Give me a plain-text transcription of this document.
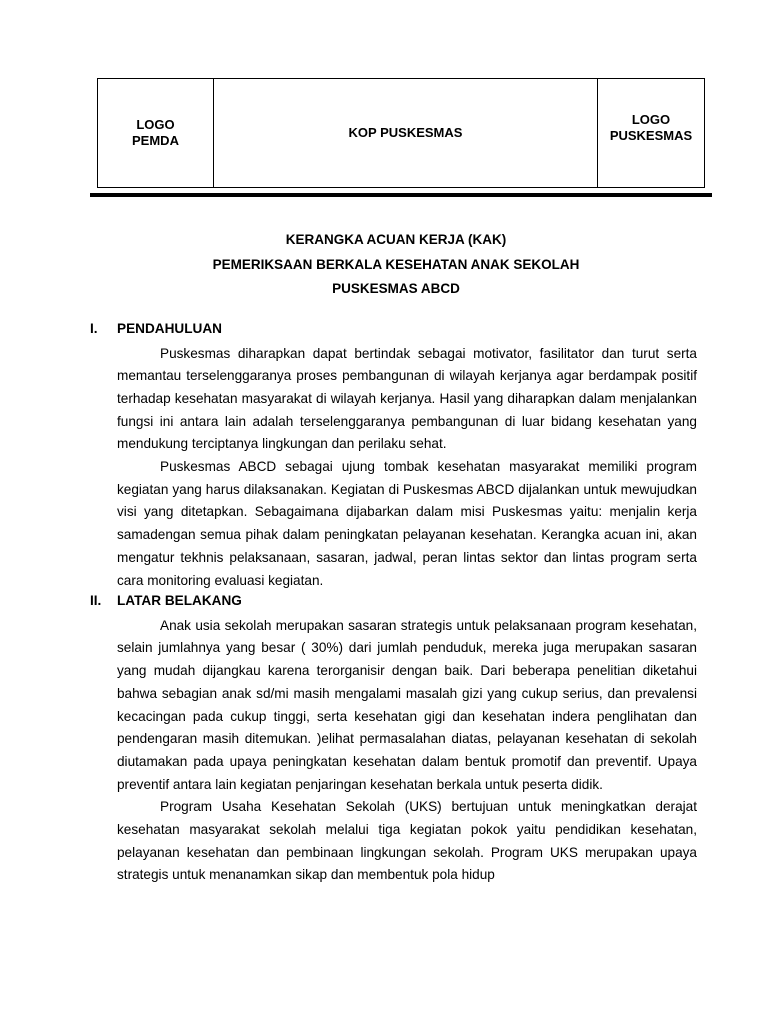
LOGO
PEMDA
KOP PUSKESMAS
LOGO
PUSKESMAS
KERANGKA ACUAN KERJA (KAK)
PEMERIKSAAN BERKALA KESEHATAN ANAK SEKOLAH
PUSKESMAS ABCD
I. PENDAHULUAN

Puskesmas diharapkan dapat bertindak sebagai motivator, fasilitator dan turut serta memantau terselenggaranya proses pembangunan di wilayah kerjanya agar berdampak positif terhadap kesehatan masyarakat di wilayah kerjanya. Hasil yang diharapkan dalam menjalankan fungsi ini antara lain adalah terselenggaranya pembangunan di luar bidang kesehatan yang mendukung terciptanya lingkungan dan perilaku sehat.

Puskesmas ABCD sebagai ujung tombak kesehatan masyarakat memiliki program kegiatan yang harus dilaksanakan. Kegiatan di Puskesmas ABCD dijalankan untuk mewujudkan visi yang ditetapkan. Sebagaimana dijabarkan dalam misi Puskesmas yaitu: menjalin kerja samadengan semua pihak dalam peningkatan pelayanan kesehatan. Kerangka acuan ini, akan mengatur tekhnis pelaksanaan, sasaran, jadwal, peran lintas sektor dan lintas program serta cara monitoring evaluasi kegiatan.

II. LATAR BELAKANG

Anak usia sekolah merupakan sasaran strategis untuk pelaksanaan program kesehatan, selain jumlahnya yang besar ( 30%) dari jumlah penduduk, mereka juga merupakan sasaran yang mudah dijangkau karena terorganisir dengan baik. Dari beberapa penelitian diketahui bahwa sebagian anak sd/mi masih mengalami masalah gizi yang cukup serius, dan prevalensi kecacingan pada cukup tinggi, serta kesehatan gigi dan kesehatan indera penglihatan dan pendengaran masih ditemukan. )elihat permasalahan diatas, pelayanan kesehatan di sekolah diutamakan pada upaya peningkatan kesehatan dalam bentuk promotif dan preventif. Upaya preventif antara lain kegiatan penjaringan kesehatan berkala untuk peserta didik.

Program Usaha Kesehatan Sekolah (UKS) bertujuan untuk meningkatkan derajat kesehatan masyarakat sekolah melalui tiga kegiatan pokok yaitu pendidikan kesehatan, pelayanan kesehatan dan pembinaan lingkungan sekolah. Program UKS merupakan upaya strategis untuk menanamkan sikap dan membentuk pola hidup
